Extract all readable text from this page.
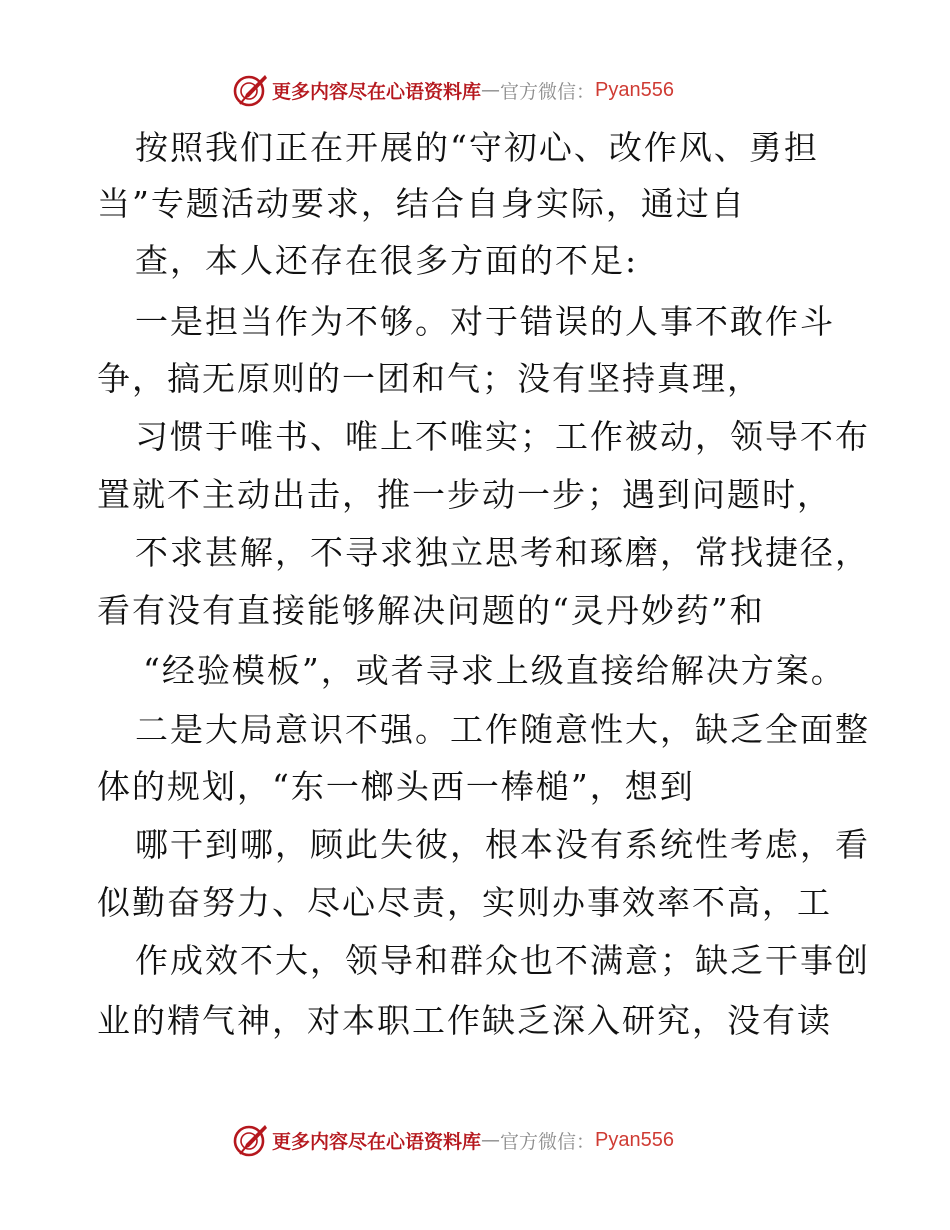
更多内容尽在心语资料库 — 官方微信： Pyan556
按照我们正在开展的“守初心、改作风、勇担
当”专题活动要求，结合自身实际，通过自
查，本人还存在很多方面的不足:
一是担当作为不够。对于错误的人事不敢作斗
争，搞无原则的一团和气；没有坚持真理，
习惯于唯书、唯上不唯实；工作被动，领导不布
置就不主动出击，推一步动一步；遇到问题时，
不求甚解，不寻求独立思考和琢磨，常找捷径，
看有没有直接能够解决问题的“灵丹妙药”和
“经验模板”，或者寻求上级直接给解决方案。
二是大局意识不强。工作随意性大，缺乏全面整
体的规划，“东一榔头西一棒槌”，想到
哪干到哪，顾此失彼，根本没有系统性考虑，看
似勤奋努力、尽心尽责，实则办事效率不高，工
作成效不大，领导和群众也不满意；缺乏干事创
业的精气神，对本职工作缺乏深入研究，没有读
更多内容尽在心语资料库 — 官方微信： Pyan556
